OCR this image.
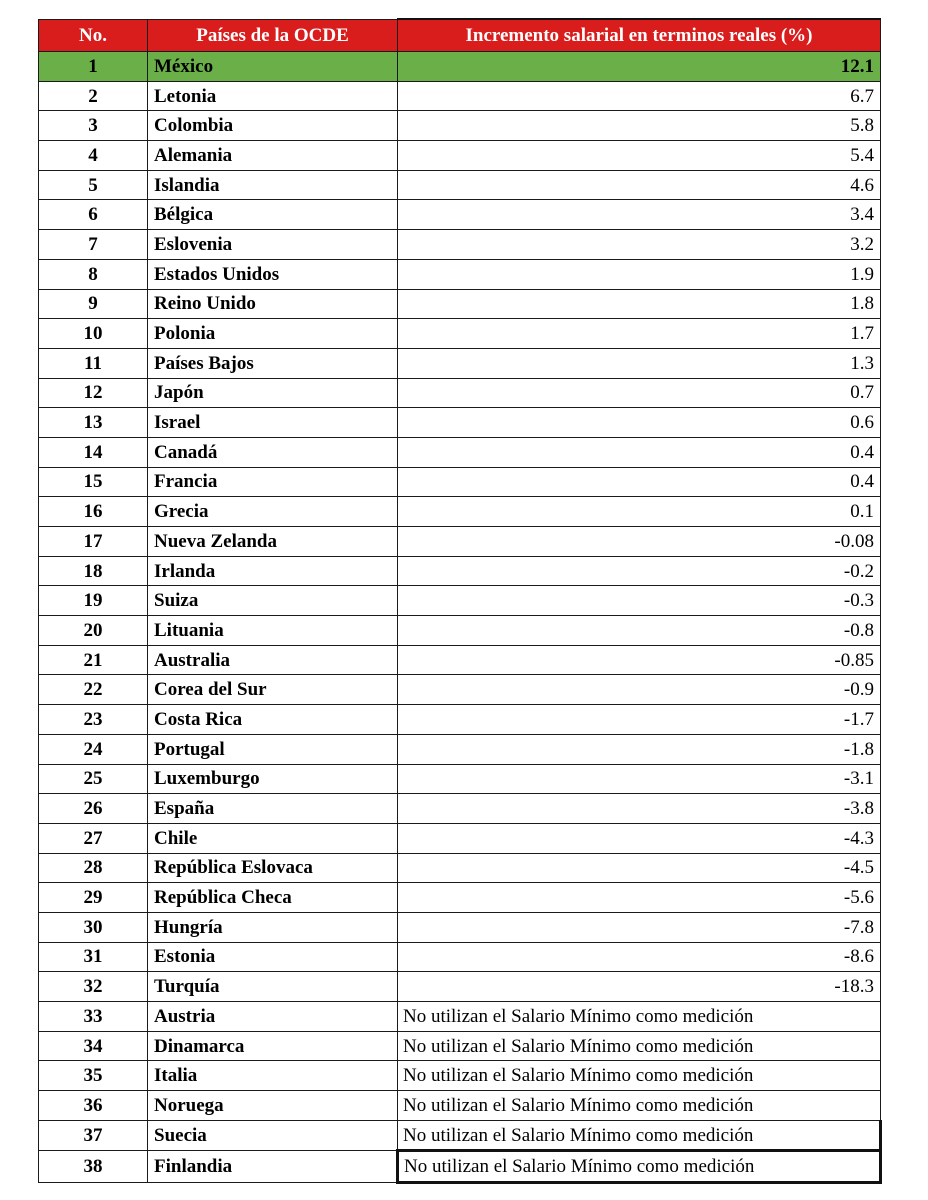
No.	Países de la OCDE	Incremento salarial en terminos reales (%)
1	México	12.1
2	Letonia	6.7
3	Colombia	5.8
4	Alemania	5.4
5	Islandia	4.6
6	Bélgica	3.4
7	Eslovenia	3.2
8	Estados Unidos	1.9
9	Reino Unido	1.8
10	Polonia	1.7
11	Países Bajos	1.3
12	Japón	0.7
13	Israel	0.6
14	Canadá	0.4
15	Francia	0.4
16	Grecia	0.1
17	Nueva Zelanda	-0.08
18	Irlanda	-0.2
19	Suiza	-0.3
20	Lituania	-0.8
21	Australia	-0.85
22	Corea del Sur	-0.9
23	Costa Rica	-1.7
24	Portugal	-1.8
25	Luxemburgo	-3.1
26	España	-3.8
27	Chile	-4.3
28	República Eslovaca	-4.5
29	República Checa	-5.6
30	Hungría	-7.8
31	Estonia	-8.6
32	Turquía	-18.3
33	Austria	No utilizan el Salario Mínimo como medición
34	Dinamarca	No utilizan el Salario Mínimo como medición
35	Italia	No utilizan el Salario Mínimo como medición
36	Noruega	No utilizan el Salario Mínimo como medición
37	Suecia	No utilizan el Salario Mínimo como medición
38	Finlandia	No utilizan el Salario Mínimo como medición
